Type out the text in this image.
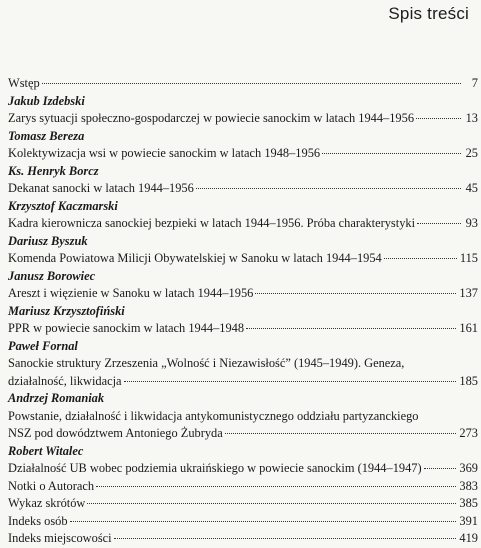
Spis treści
Wstęp	7
Jakub Izdebski
Zarys sytuacji społeczno-gospodarczej w powiecie sanockim w latach 1944–1956	13
Tomasz Bereza
Kolektywizacja wsi w powiecie sanockim w latach 1948–1956	25
Ks. Henryk Borcz
Dekanat sanocki w latach 1944–1956	45
Krzysztof Kaczmarski
Kadra kierownicza sanockiej bezpieki w latach 1944–1956. Próba charakterystyki	93
Dariusz Byszuk
Komenda Powiatowa Milicji Obywatelskiej w Sanoku w latach 1944–1954	115
Janusz Borowiec
Areszt i więzienie w Sanoku w latach 1944–1956	137
Mariusz Krzysztofiński
PPR w powiecie sanockim w latach 1944–1948	161
Paweł Fornal
Sanockie struktury Zrzeszenia „Wolność i Niezawisłość” (1945–1949). Geneza,
działalność, likwidacja	185
Andrzej Romaniak
Powstanie, działalność i likwidacja antykomunistycznego oddziału partyzanckiego
NSZ pod dowództwem Antoniego Żubryda	273
Robert Witalec
Działalność UB wobec podziemia ukraińskiego w powiecie sanockim (1944–1947)	369
Notki o Autorach	383
Wykaz skrótów	385
Indeks osób	391
Indeks miejscowości	419
